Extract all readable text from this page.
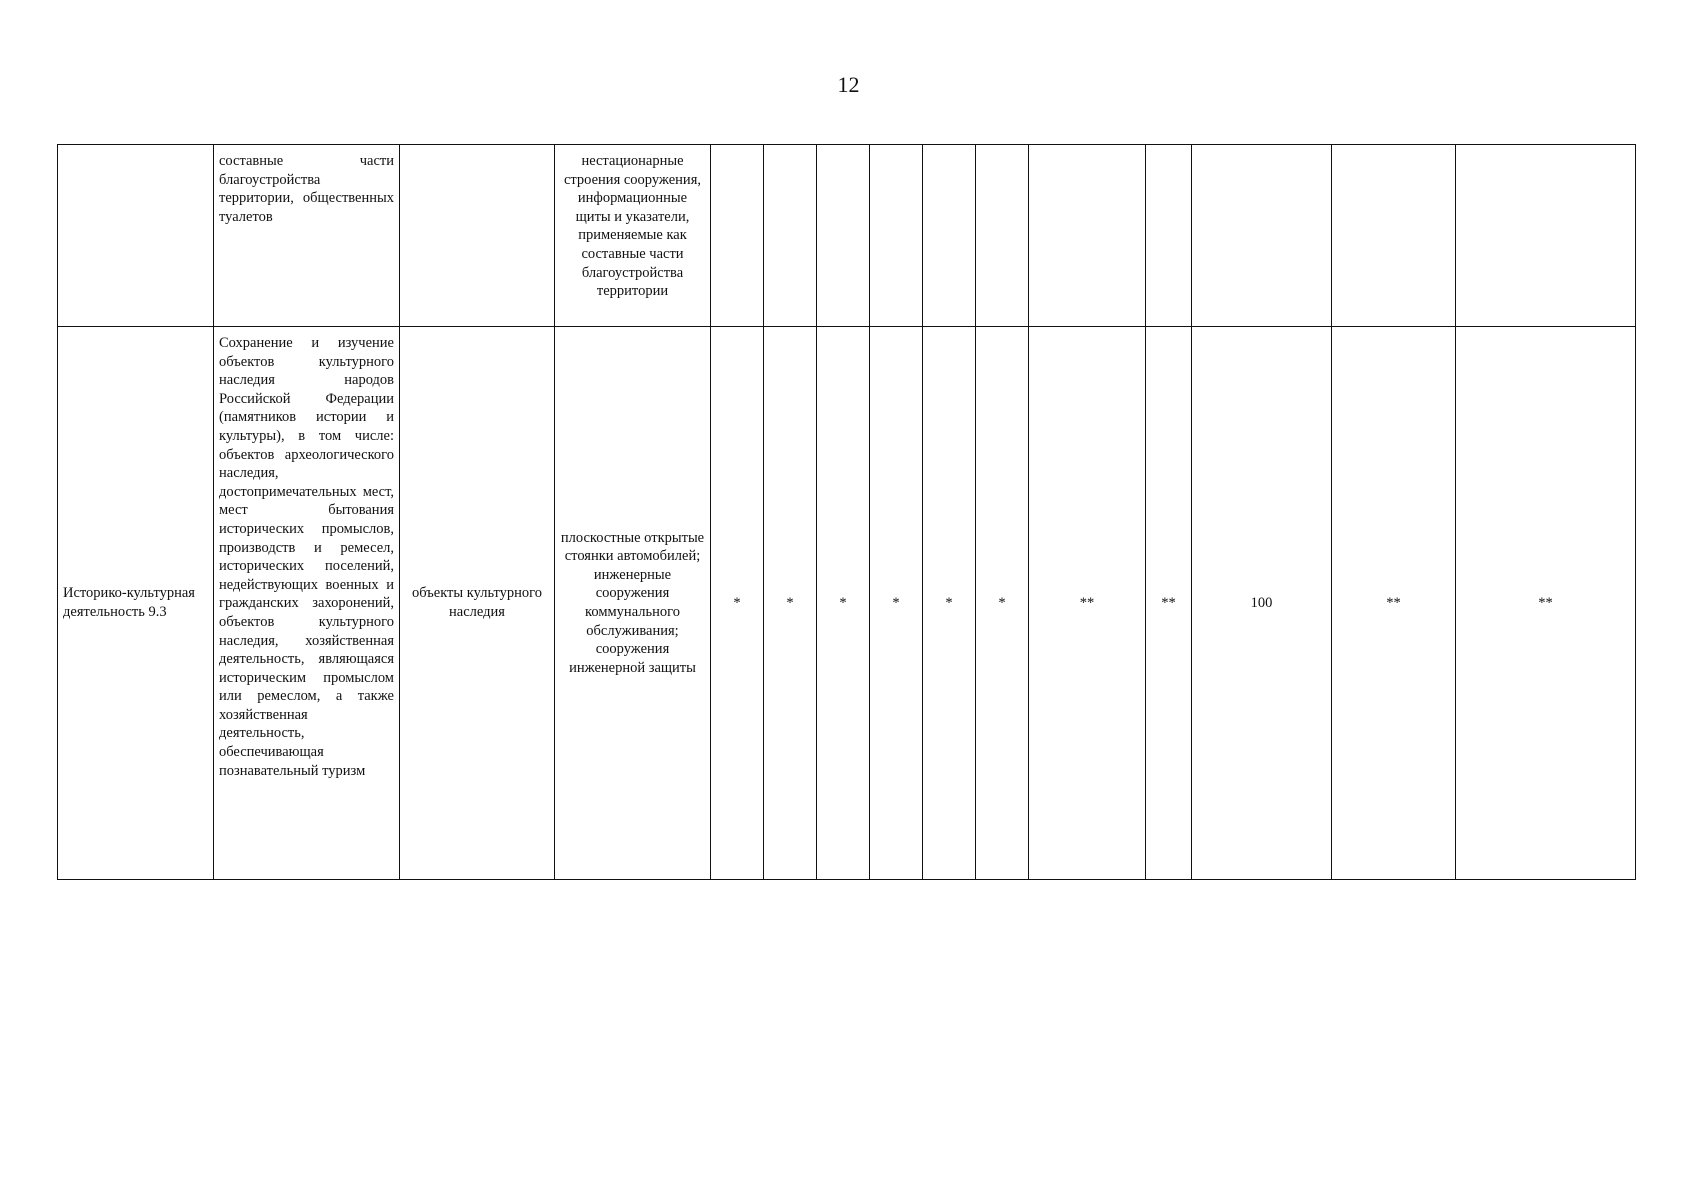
12
	составные части благоустройства территории, общественных туалетов		нестационарные строения сооружения, информационные щиты и указатели, применяемые как составные части благоустройства территории											
Историко-культурная деятельность 9.3	Сохранение и изучение объектов культурного наследия народов Российской Федерации (памятников истории и культуры), в том числе: объектов археологического наследия, достопримечательных мест, мест бытования исторических промыслов, производств и ремесел, исторических поселений, недействующих военных и гражданских захоронений, объектов культурного наследия, хозяйственная деятельность, являющаяся историческим промыслом или ремеслом, а также хозяйственная деятельность, обеспечивающая познавательный туризм	объекты культурного наследия	плоскостные открытые стоянки автомобилей; инженерные сооружения коммунального обслуживания; сооружения инженерной защиты	*	*	*	*	*	*	**	**	100	**	**
